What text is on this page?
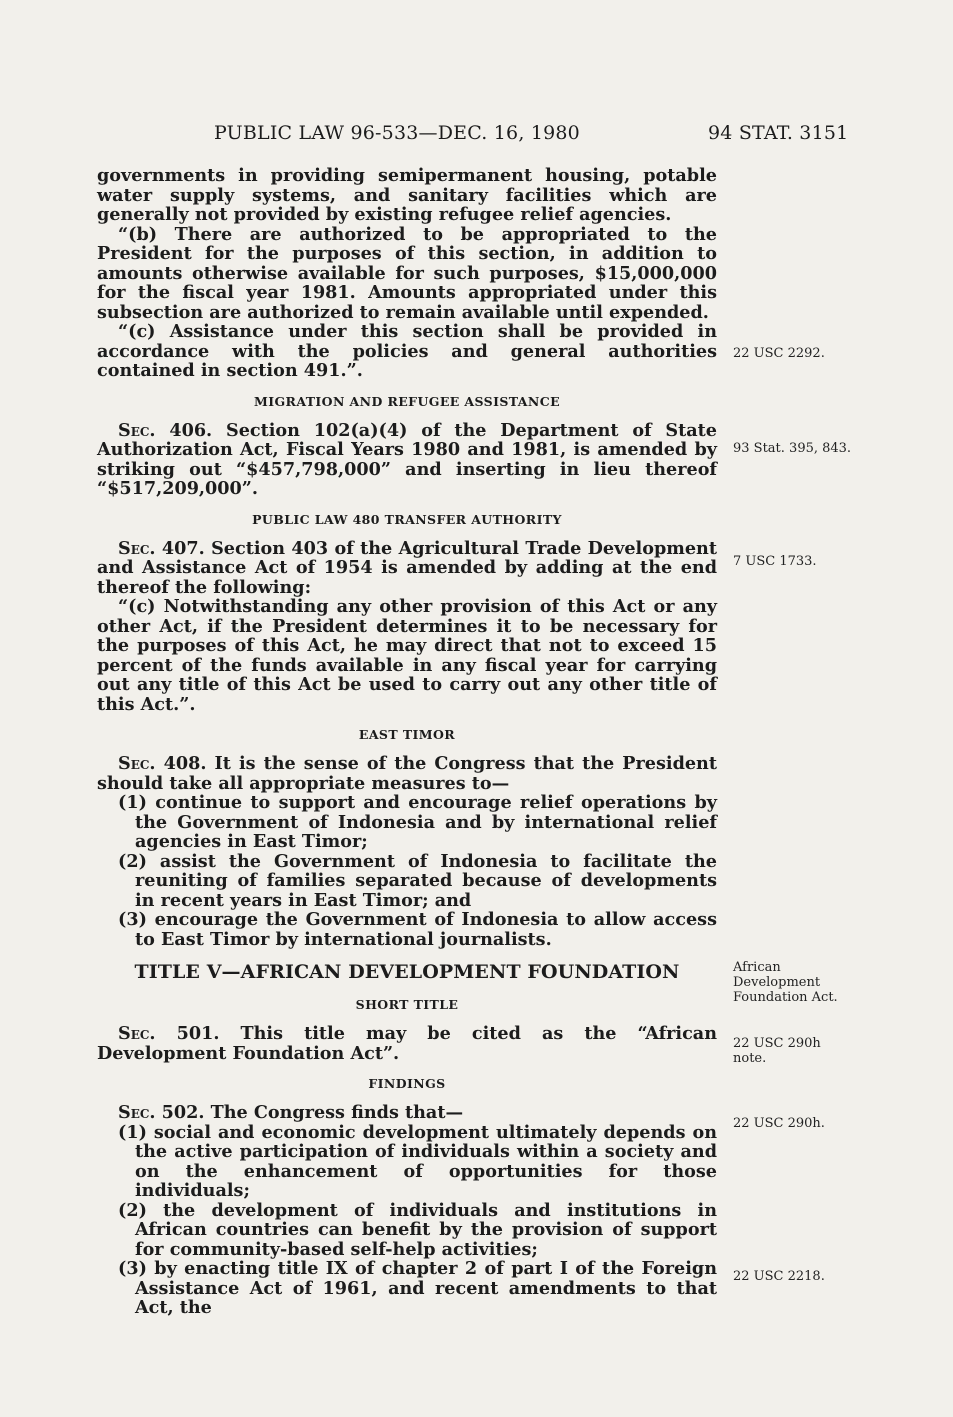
PUBLIC LAW 96-533—DEC. 16, 1980	94 STAT. 3151

governments in providing semipermanent housing, potable water supply systems, and sanitary facilities which are generally not provided by existing refugee relief agencies.

“(b) There are authorized to be appropriated to the President for the purposes of this section, in addition to amounts otherwise available for such purposes, $15,000,000 for the fiscal year 1981. Amounts appropriated under this subsection are authorized to remain available until expended.

“(c) Assistance under this section shall be provided in accordance with the policies and general authorities contained in section 491.”.

MIGRATION AND REFUGEE ASSISTANCE

Sec. 406. Section 102(a)(4) of the Department of State Authorization Act, Fiscal Years 1980 and 1981, is amended by striking out “$457,798,000” and inserting in lieu thereof “$517,209,000”.

PUBLIC LAW 480 TRANSFER AUTHORITY

Sec. 407. Section 403 of the Agricultural Trade Development and Assistance Act of 1954 is amended by adding at the end thereof the following:

“(c) Notwithstanding any other provision of this Act or any other Act, if the President determines it to be necessary for the purposes of this Act, he may direct that not to exceed 15 percent of the funds available in any fiscal year for carrying out any title of this Act be used to carry out any other title of this Act.”.

EAST TIMOR

Sec. 408. It is the sense of the Congress that the President should take all appropriate measures to—

(1) continue to support and encourage relief operations by the Government of Indonesia and by international relief agencies in East Timor;

(2) assist the Government of Indonesia to facilitate the reuniting of families separated because of developments in recent years in East Timor; and

(3) encourage the Government of Indonesia to allow access to East Timor by international journalists.

TITLE V—AFRICAN DEVELOPMENT FOUNDATION
SHORT TITLE

Sec. 501. This title may be cited as the “African Development Foundation Act”.

FINDINGS

Sec. 502. The Congress finds that—

(1) social and economic development ultimately depends on the active participation of individuals within a society and on the enhancement of opportunities for those individuals;

(2) the development of individuals and institutions in African countries can benefit by the provision of support for community-based self-help activities;

(3) by enacting title IX of chapter 2 of part I of the Foreign Assistance Act of 1961, and recent amendments to that Act, the

22 USC 2292.
93 Stat. 395, 843.
7 USC 1733.
African
Development
Foundation Act.
22 USC 290h
note.
22 USC 290h.
22 USC 2218.
